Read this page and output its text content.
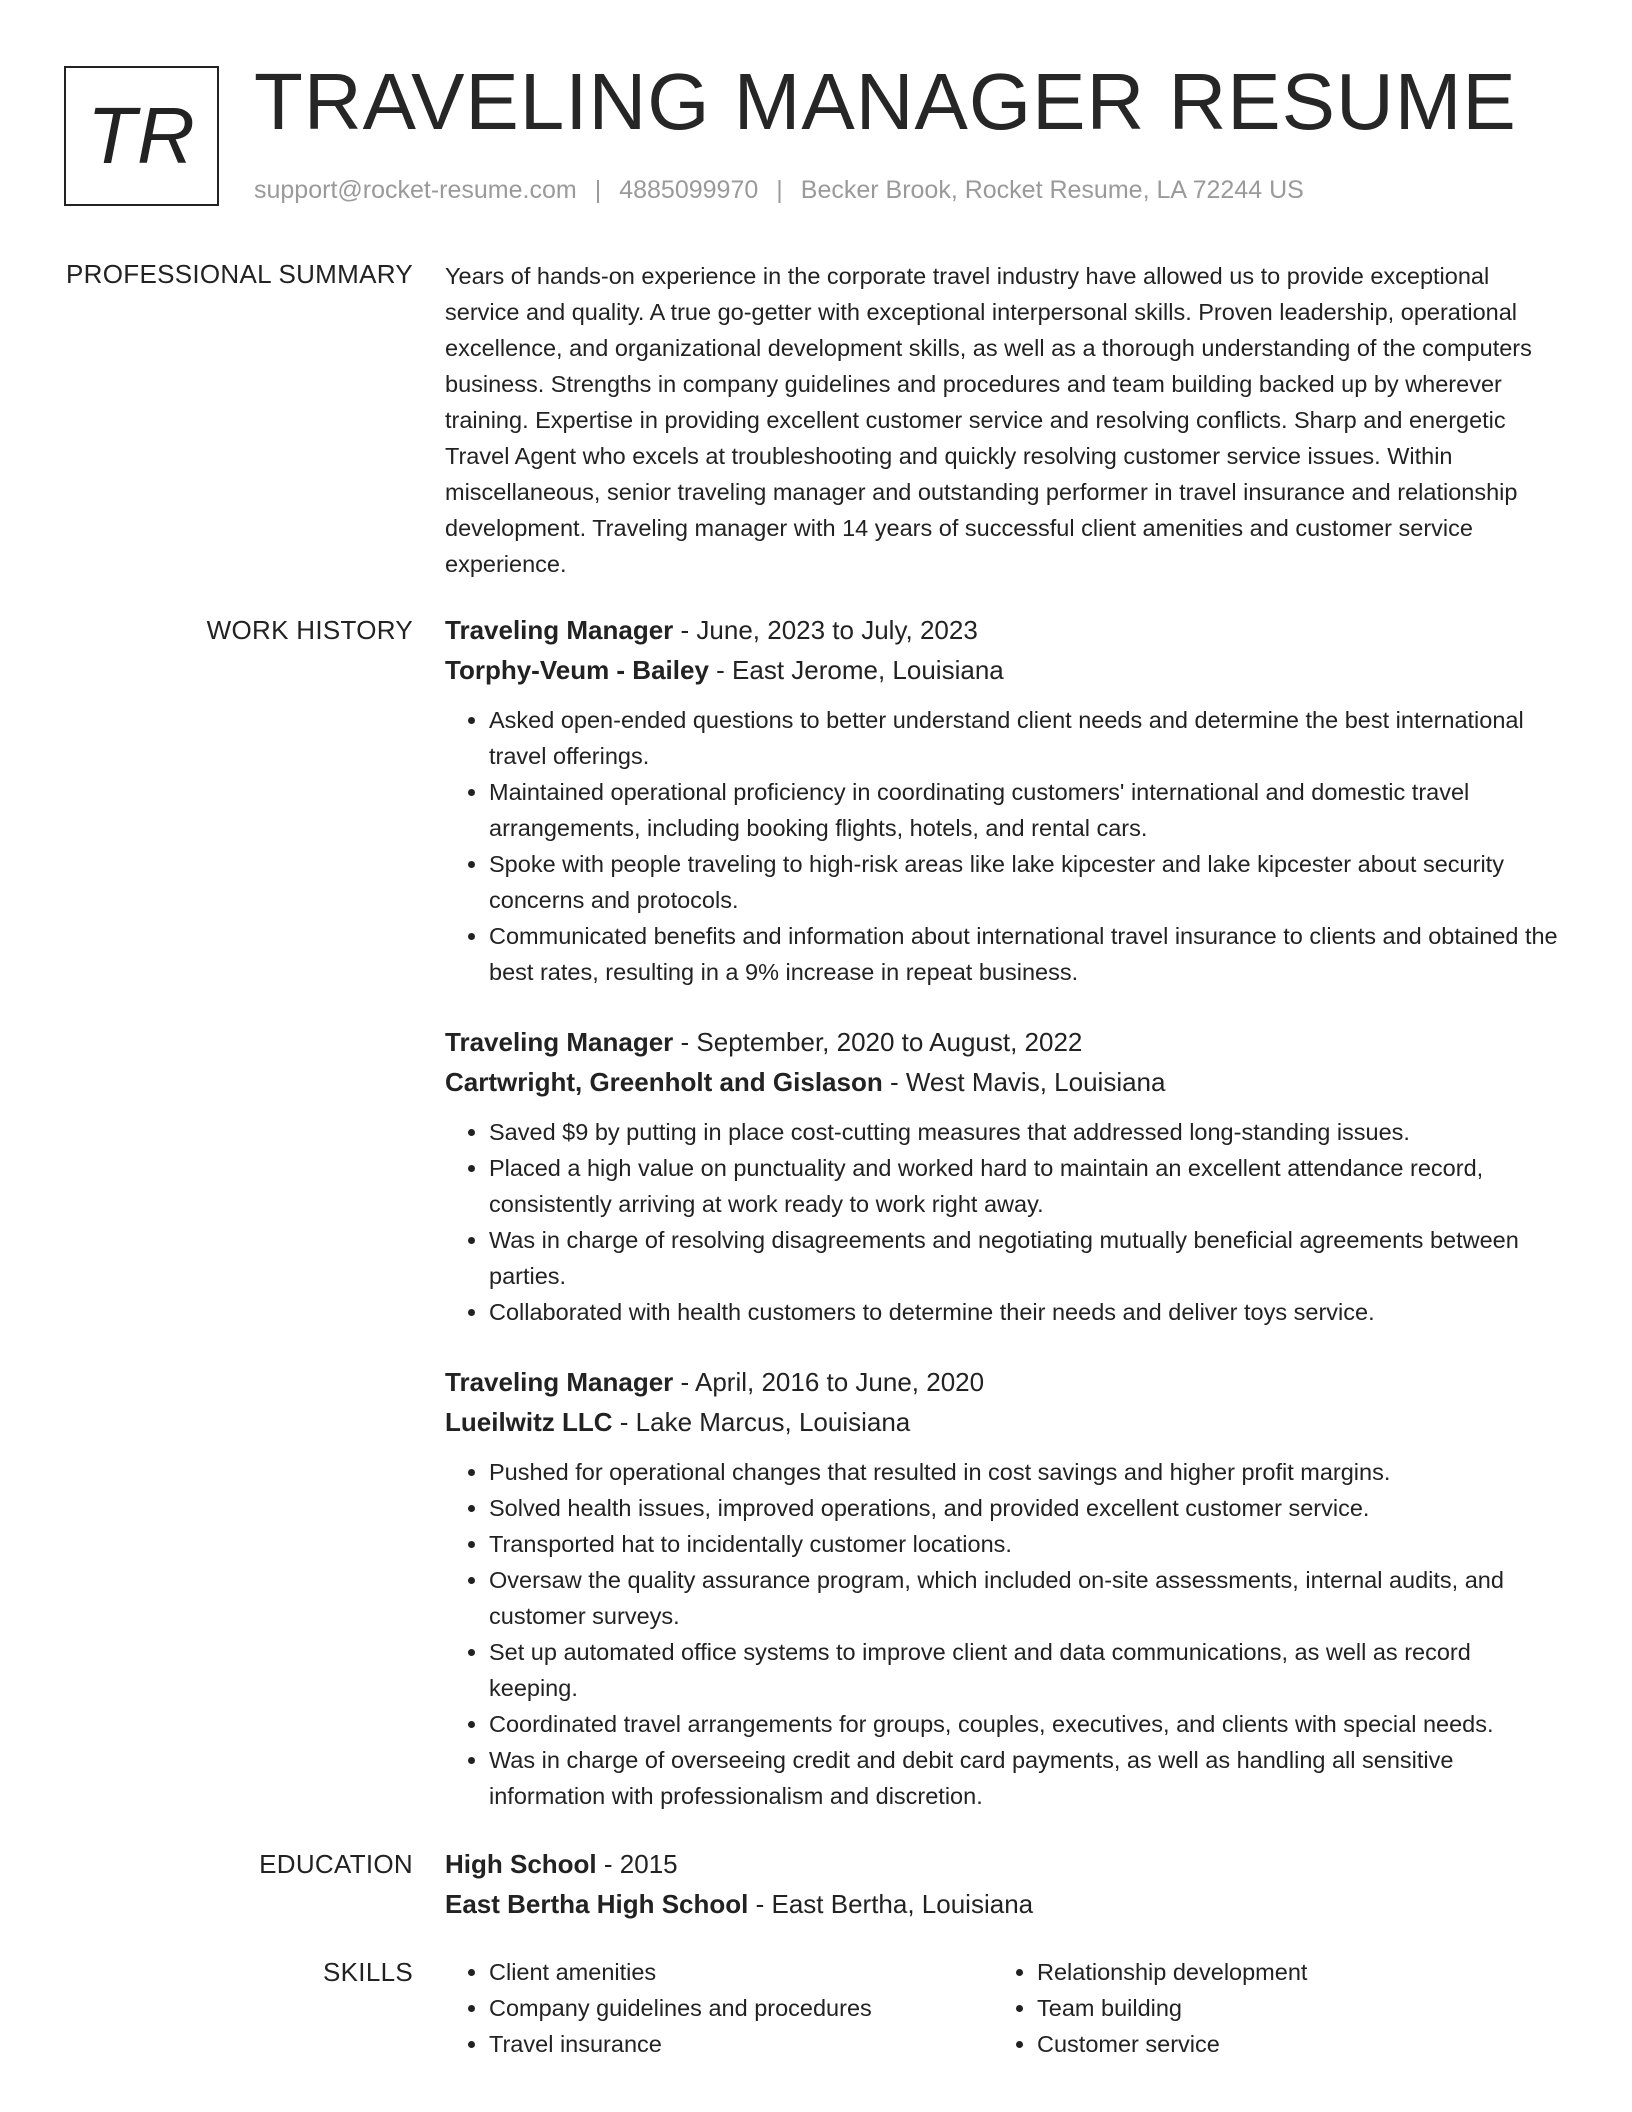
TR TRAVELING MANAGER RESUME
support@rocket-resume.com | 4885099970 | Becker Brook, Rocket Resume, LA 72244 US
PROFESSIONAL SUMMARY Years of hands-on experience in the corporate travel industry have allowed us to provide exceptional service and quality. A true go-getter with exceptional interpersonal skills. Proven leadership, operational excellence, and organizational development skills, as well as a thorough understanding of the computers business. Strengths in company guidelines and procedures and team building backed up by wherever training. Expertise in providing excellent customer service and resolving conflicts. Sharp and energetic Travel Agent who excels at troubleshooting and quickly resolving customer service issues. Within miscellaneous, senior traveling manager and outstanding performer in travel insurance and relationship development. Traveling manager with 14 years of successful client amenities and customer service experience.

WORK HISTORY Traveling Manager - June, 2023 to July, 2023

Torphy-Veum - Bailey - East Jerome, Louisiana

• Asked open-ended questions to better understand client needs and determine the best international travel offerings.
• Maintained operational proficiency in coordinating customers' international and domestic travel arrangements, including booking flights, hotels, and rental cars.
• Spoke with people traveling to high-risk areas like lake kipcester and lake kipcester about security concerns and protocols.
• Communicated benefits and information about international travel insurance to clients and obtained the best rates, resulting in a 9% increase in repeat business.

Traveling Manager - September, 2020 to August, 2022

Cartwright, Greenholt and Gislason - West Mavis, Louisiana

• Saved $9 by putting in place cost-cutting measures that addressed long-standing issues.
• Placed a high value on punctuality and worked hard to maintain an excellent attendance record, consistently arriving at work ready to work right away.
• Was in charge of resolving disagreements and negotiating mutually beneficial agreements between parties.
• Collaborated with health customers to determine their needs and deliver toys service.

Traveling Manager - April, 2016 to June, 2020

Lueilwitz LLC - Lake Marcus, Louisiana

• Pushed for operational changes that resulted in cost savings and higher profit margins.
• Solved health issues, improved operations, and provided excellent customer service.
• Transported hat to incidentally customer locations.
• Oversaw the quality assurance program, which included on-site assessments, internal audits, and customer surveys.
• Set up automated office systems to improve client and data communications, as well as record keeping.
• Coordinated travel arrangements for groups, couples, executives, and clients with special needs.
• Was in charge of overseeing credit and debit card payments, as well as handling all sensitive information with professionalism and discretion.
EDUCATION High School - 2015

East Bertha High School - East Bertha, Louisiana

SKILLS
•	Client amenities
• Company guidelines and procedures
• Travel insurance
• Relationship development
• Team building
• Customer service
